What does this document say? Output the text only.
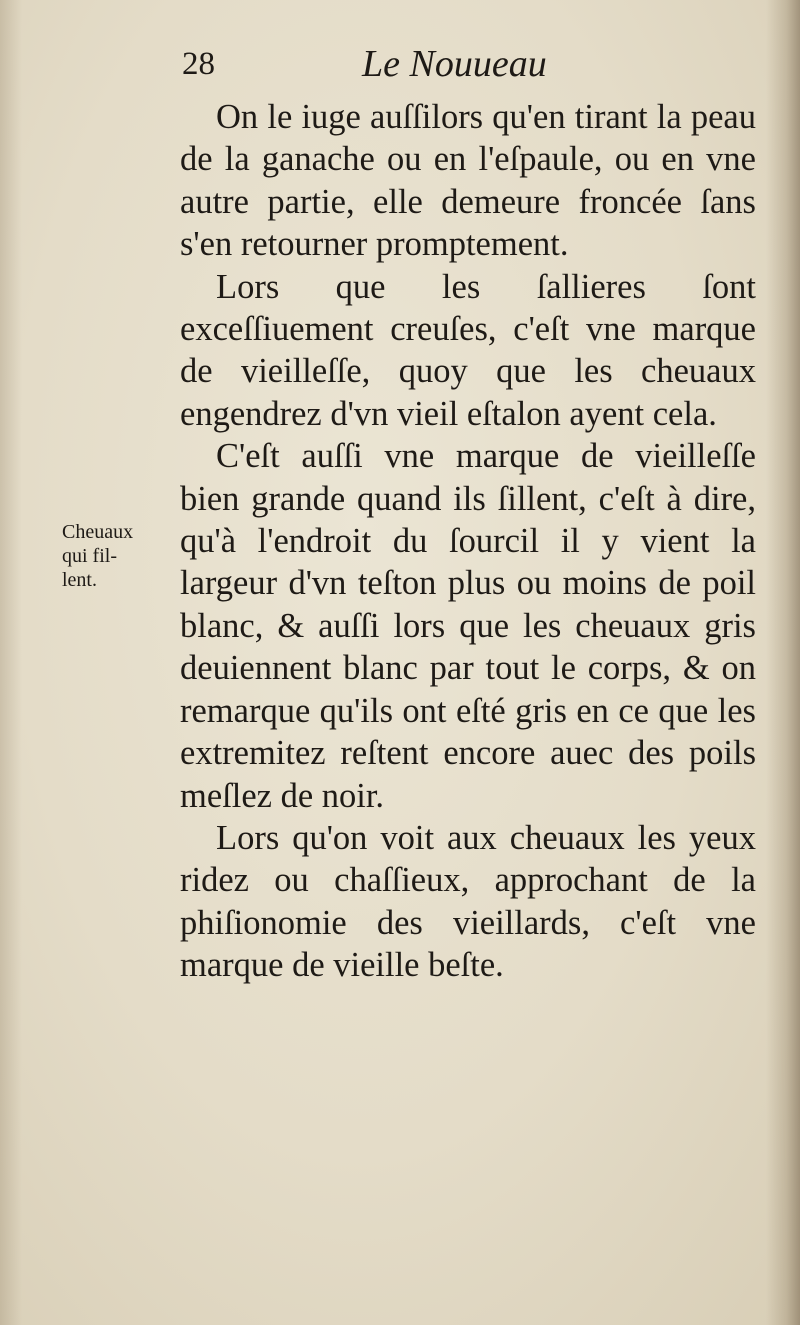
28	Le Nouueau
Cheuaux
qui fil-
lent.

On le iuge auſſilors qu'en tirant la peau de la ganache ou en l'eſpaule, ou en vne autre partie, elle demeure froncée ſans s'en retourner promptement.

Lors que les ſallieres ſont exceſſiuement creuſes, c'eſt vne marque de vieilleſſe, quoy que les cheuaux engendrez d'vn vieil eſtalon ayent cela.

C'eſt auſſi vne marque de vieilleſſe bien grande quand ils ſillent, c'eſt à dire, qu'à l'endroit du ſourcil il y vient la largeur d'vn teſton plus ou moins de poil blanc, & auſſi lors que les cheuaux gris deuiennent blanc par tout le corps, & on remarque qu'ils ont eſté gris en ce que les extremitez reſtent encore auec des poils meſlez de noir.

Lors qu'on voit aux cheuaux les yeux ridez ou chaſſieux, approchant de la phiſionomie des vieillards, c'eſt vne marque de vieille beſte.
